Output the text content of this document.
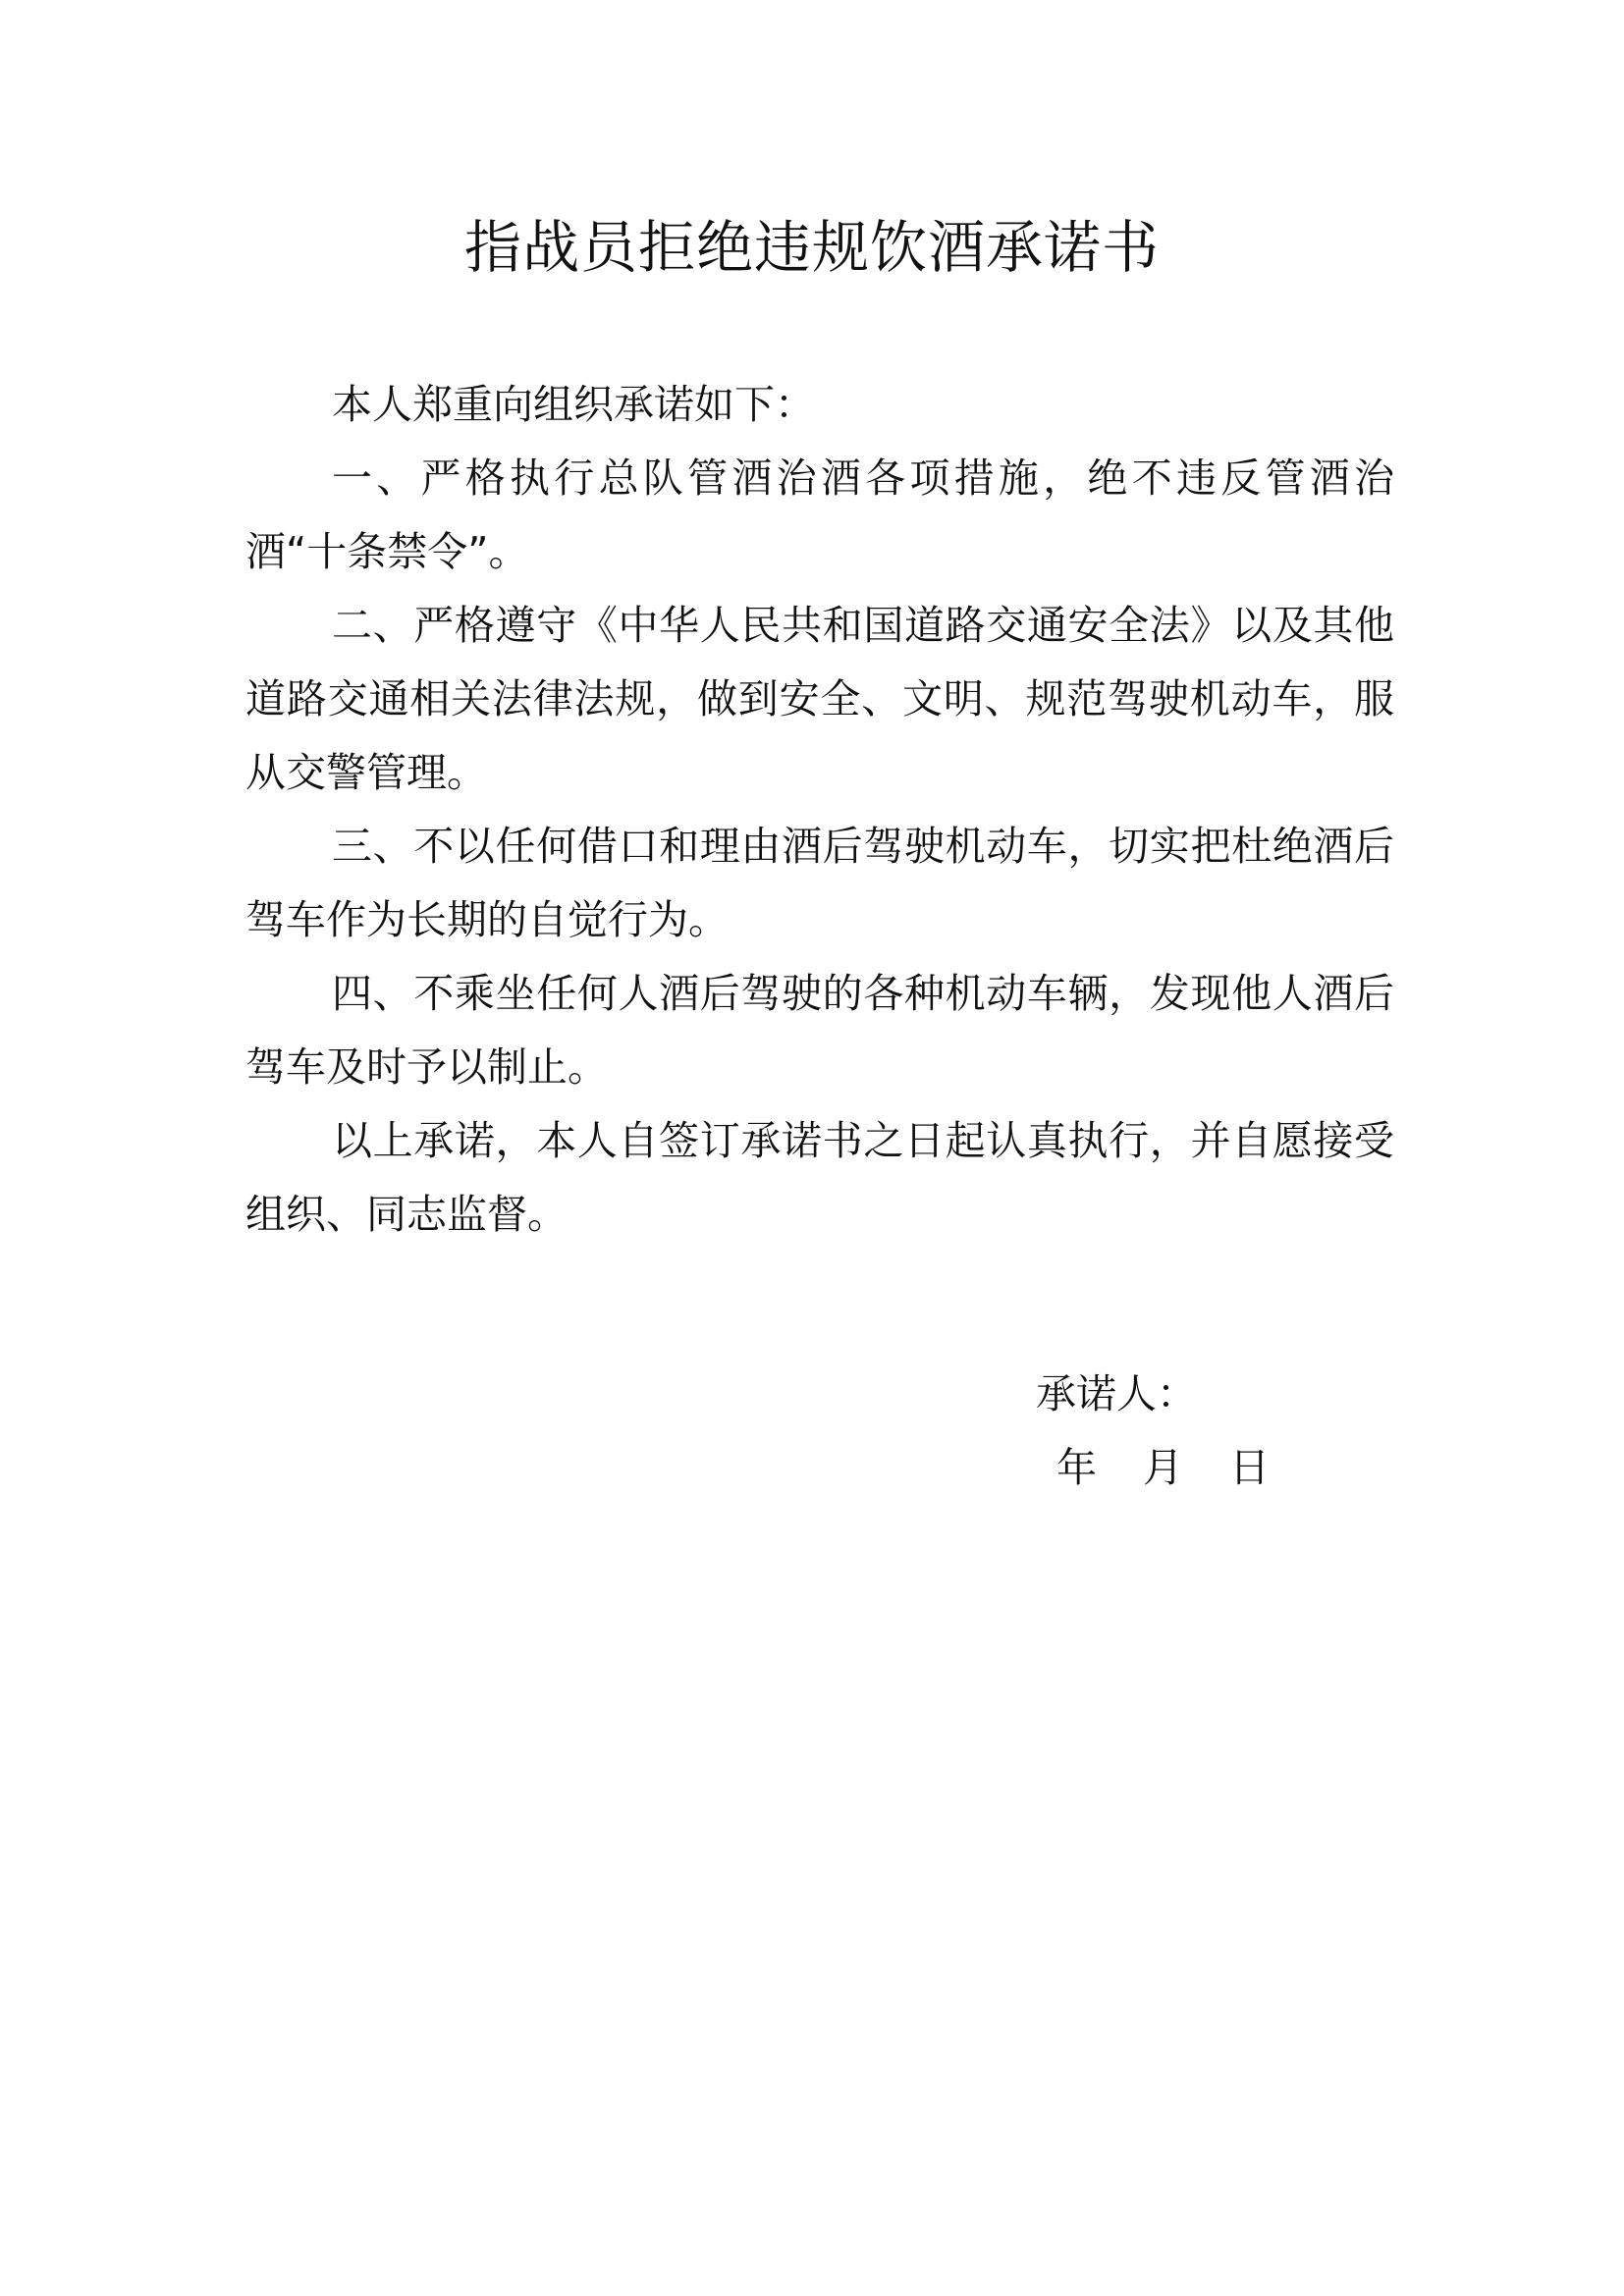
指战员拒绝违规饮酒承诺书

本人郑重向组织承诺如下：

一、严格执行总队管酒治酒各项措施，绝不违反管酒治酒“十条禁令”。

二、严格遵守《中华人民共和国道路交通安全法》以及其他道路交通相关法律法规，做到安全、文明、规范驾驶机动车，服从交警管理。

三、不以任何借口和理由酒后驾驶机动车，切实把杜绝酒后驾车作为长期的自觉行为。

四、不乘坐任何人酒后驾驶的各种机动车辆，发现他人酒后驾车及时予以制止。

以上承诺，本人自签订承诺书之日起认真执行，并自愿接受组织、同志监督。

承诺人：
年 月 日
